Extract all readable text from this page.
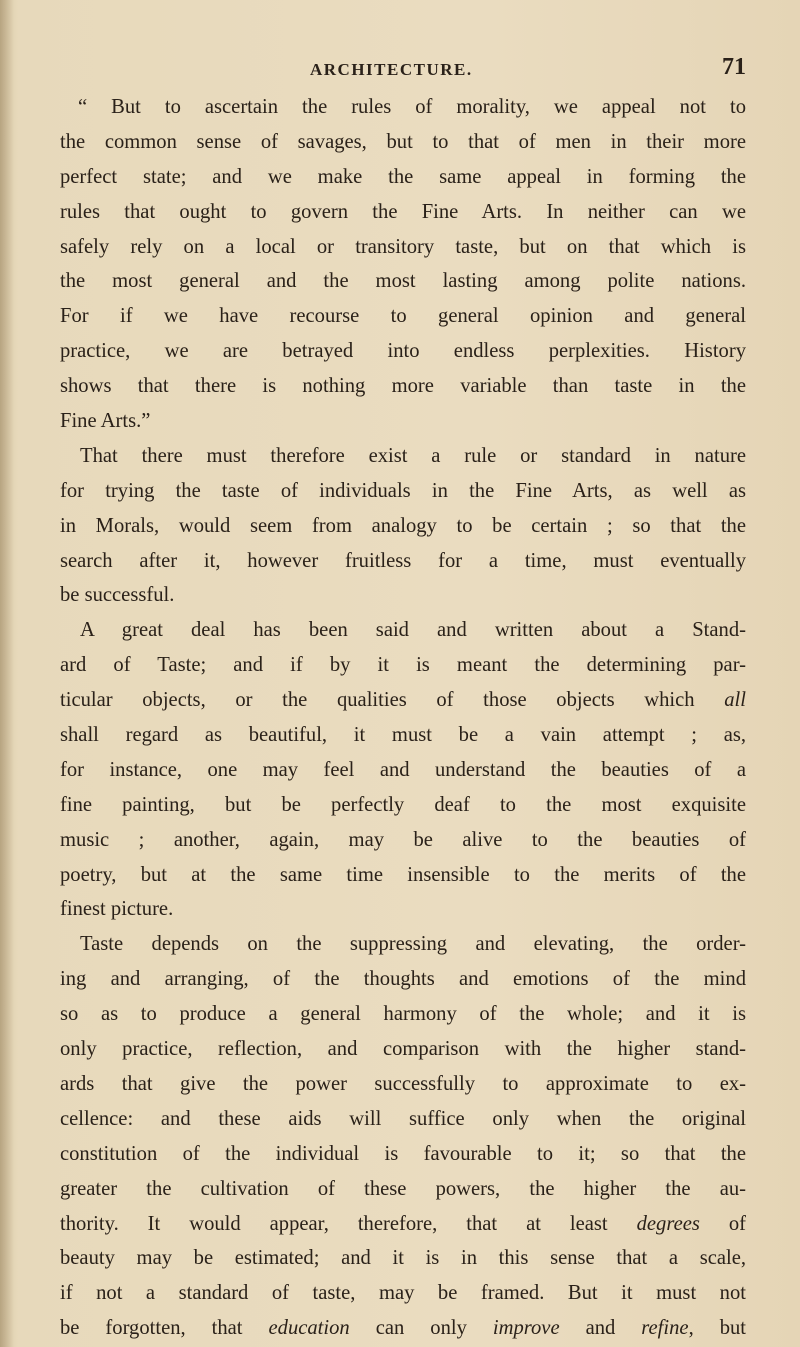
ARCHITECTURE.	71
“ But to ascertain the rules of morality, we appeal not to
the common sense of savages, but to that of men in their more
perfect state; and we make the same appeal in forming the
rules that ought to govern the Fine Arts. In neither can we
safely rely on a local or transitory taste, but on that which is
the most general and the most lasting among polite nations.
For if we have recourse to general opinion and general
practice, we are betrayed into endless perplexities. History
shows that there is nothing more variable than taste in the
Fine Arts.”
That there must therefore exist a rule or standard in nature
for trying the taste of individuals in the Fine Arts, as well as
in Morals, would seem from analogy to be certain ; so that the
search after it, however fruitless for a time, must eventually
be successful.
A great deal has been said and written about a Stand-
ard of Taste; and if by it is meant the determining par-
ticular objects, or the qualities of those objects which all
shall regard as beautiful, it must be a vain attempt ; as,
for instance, one may feel and understand the beauties of a
fine painting, but be perfectly deaf to the most exquisite
music ; another, again, may be alive to the beauties of
poetry, but at the same time insensible to the merits of the
finest picture.
Taste depends on the suppressing and elevating, the order-
ing and arranging, of the thoughts and emotions of the mind
so as to produce a general harmony of the whole; and it is
only practice, reflection, and comparison with the higher stand-
ards that give the power successfully to approximate to ex-
cellence: and these aids will suffice only when the original
constitution of the individual is favourable to it; so that the
greater the cultivation of these powers, the higher the au-
thority. It would appear, therefore, that at least degrees of
beauty may be estimated; and it is in this sense that a scale,
if not a standard of taste, may be framed. But it must not
be forgotten, that education can only improve and refine, but
